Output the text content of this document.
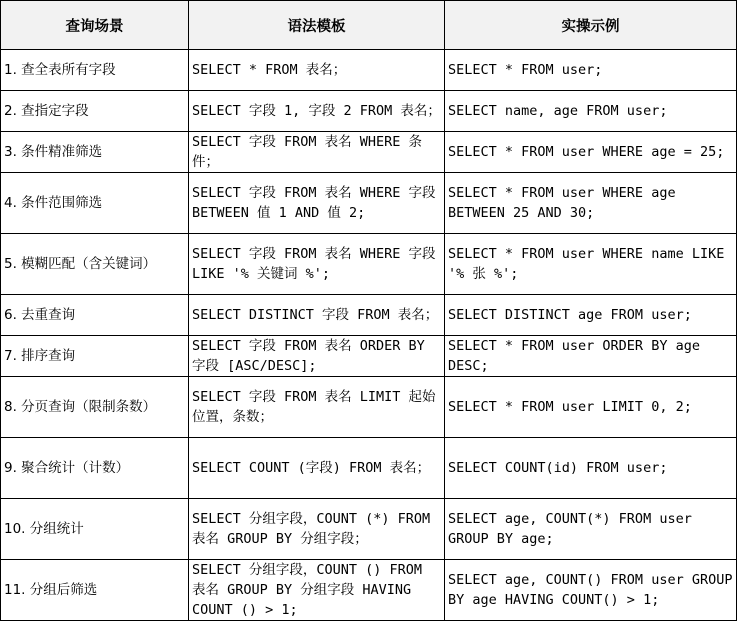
查询场景	语法模板	实操示例
1. 查全表所有字段	SELECT * FROM 表名；	SELECT * FROM user;
2. 查指定字段	SELECT 字段 1, 字段 2 FROM 表名；	SELECT name, age FROM user;
3. 条件精准筛选	SELECT 字段 FROM 表名 WHERE 条件；	SELECT * FROM user WHERE age = 25;
4. 条件范围筛选	SELECT 字段 FROM 表名 WHERE 字段 BETWEEN 值 1 AND 值 2;	SELECT * FROM user WHERE age BETWEEN 25 AND 30;
5. 模糊匹配（含关键词）	SELECT 字段 FROM 表名 WHERE 字段 LIKE '% 关键词 %';	SELECT * FROM user WHERE name LIKE '% 张 %';
6. 去重查询	SELECT DISTINCT 字段 FROM 表名；	SELECT DISTINCT age FROM user;
7. 排序查询	SELECT 字段 FROM 表名 ORDER BY 字段 [ASC/DESC];	SELECT * FROM user ORDER BY age DESC;
8. 分页查询（限制条数）	SELECT 字段 FROM 表名 LIMIT 起始位置，条数；	SELECT * FROM user LIMIT 0, 2;
9. 聚合统计（计数）	SELECT COUNT (字段) FROM 表名；	SELECT COUNT(id) FROM user;
10. 分组统计	SELECT 分组字段，COUNT (*) FROM 表名 GROUP BY 分组字段；	SELECT age, COUNT(*) FROM user GROUP BY age;
11. 分组后筛选	SELECT 分组字段，COUNT () FROM 表名 GROUP BY 分组字段 HAVING COUNT () > 1;	SELECT age, COUNT() FROM user GROUP BY age HAVING COUNT() > 1;
